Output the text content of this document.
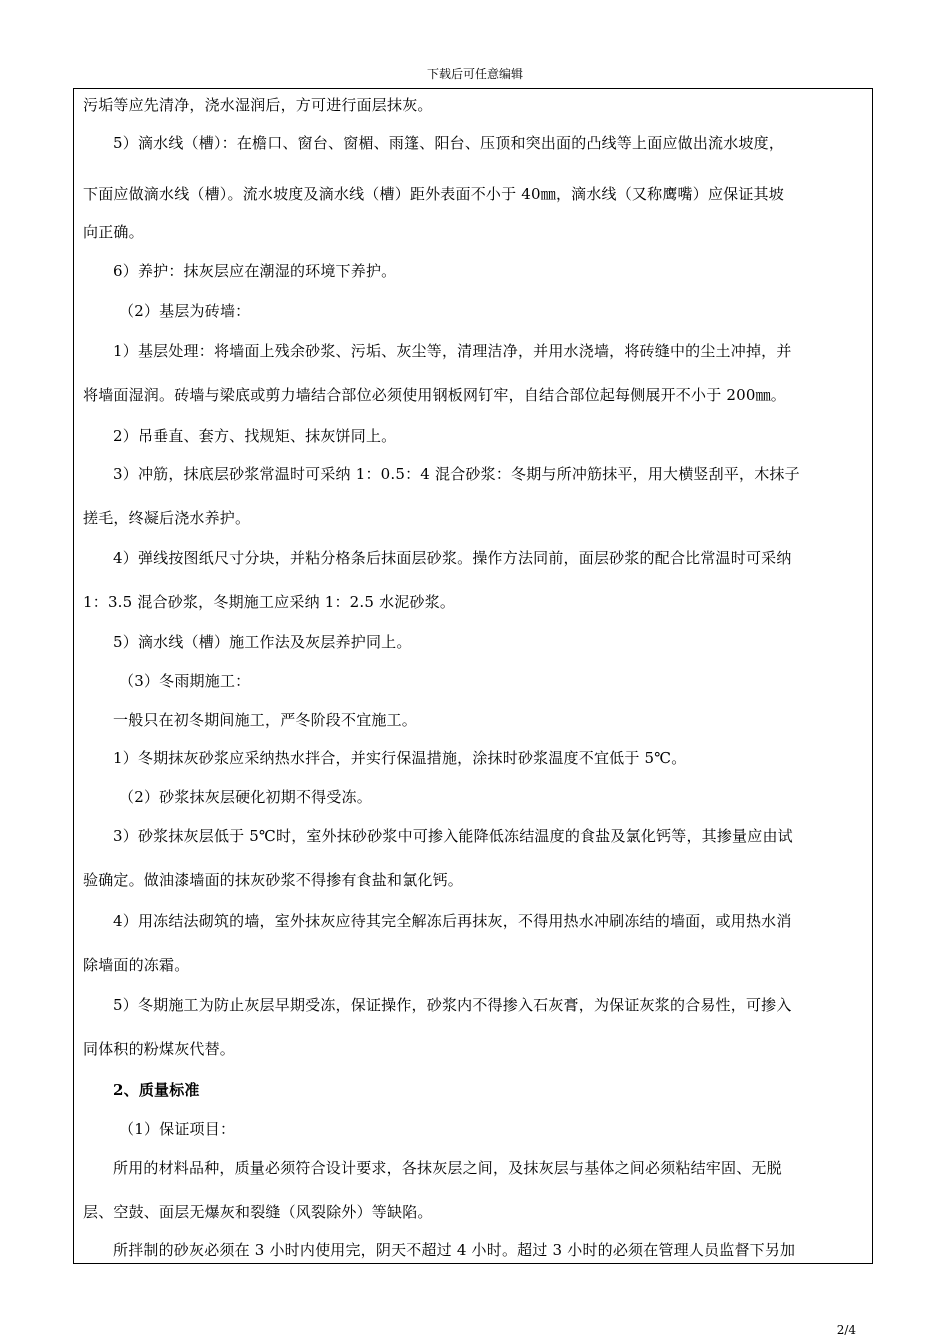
下载后可任意编辑
污垢等应先清净，浇水湿润后，方可进行面层抹灰。
5）滴水线（槽）：在檐口、窗台、窗楣、雨篷、阳台、压顶和突出面的凸线等上面应做出流水坡度，
下面应做滴水线（槽）。流水坡度及滴水线（槽）距外表面不小于 40㎜，滴水线（又称鹰嘴）应保证其坡
向正确。
6）养护：抹灰层应在潮湿的环境下养护。
（2）基层为砖墙：
1）基层处理：将墙面上残余砂浆、污垢、灰尘等，清理洁净，并用水浇墙，将砖缝中的尘土冲掉，并
将墙面湿润。砖墙与梁底或剪力墙结合部位必须使用钢板网钉牢，自结合部位起每侧展开不小于 200㎜。
2）吊垂直、套方、找规矩、抹灰饼同上。
3）冲筋，抹底层砂浆常温时可采纳 1：0.5：4 混合砂浆：冬期与所冲筋抹平，用大横竖刮平，木抹子
搓毛，终凝后浇水养护。
4）弹线按图纸尺寸分块，并粘分格条后抹面层砂浆。操作方法同前，面层砂浆的配合比常温时可采纳
1：3.5 混合砂浆，冬期施工应采纳 1：2.5 水泥砂浆。
5）滴水线（槽）施工作法及灰层养护同上。
（3）冬雨期施工：
一般只在初冬期间施工，严冬阶段不宜施工。
1）冬期抹灰砂浆应采纳热水拌合，并实行保温措施，涂抹时砂浆温度不宜低于 5℃。
（2）砂浆抹灰层硬化初期不得受冻。
3）砂浆抹灰层低于 5℃时，室外抹砂砂浆中可掺入能降低冻结温度的食盐及氯化钙等，其掺量应由试
验确定。做油漆墙面的抹灰砂浆不得掺有食盐和氯化钙。
4）用冻结法砌筑的墙，室外抹灰应待其完全解冻后再抹灰，不得用热水冲刷冻结的墙面，或用热水消
除墙面的冻霜。
5）冬期施工为防止灰层早期受冻，保证操作，砂浆内不得掺入石灰膏，为保证灰浆的合易性，可掺入
同体积的粉煤灰代替。
2、质量标准
（1）保证项目：
所用的材料品种，质量必须符合设计要求，各抹灰层之间，及抹灰层与基体之间必须粘结牢固、无脱
层、空鼓、面层无爆灰和裂缝（风裂除外）等缺陷。
所拌制的砂灰必须在 3 小时内使用完，阴天不超过 4 小时。超过 3 小时的必须在管理人员监督下另加
2/4
